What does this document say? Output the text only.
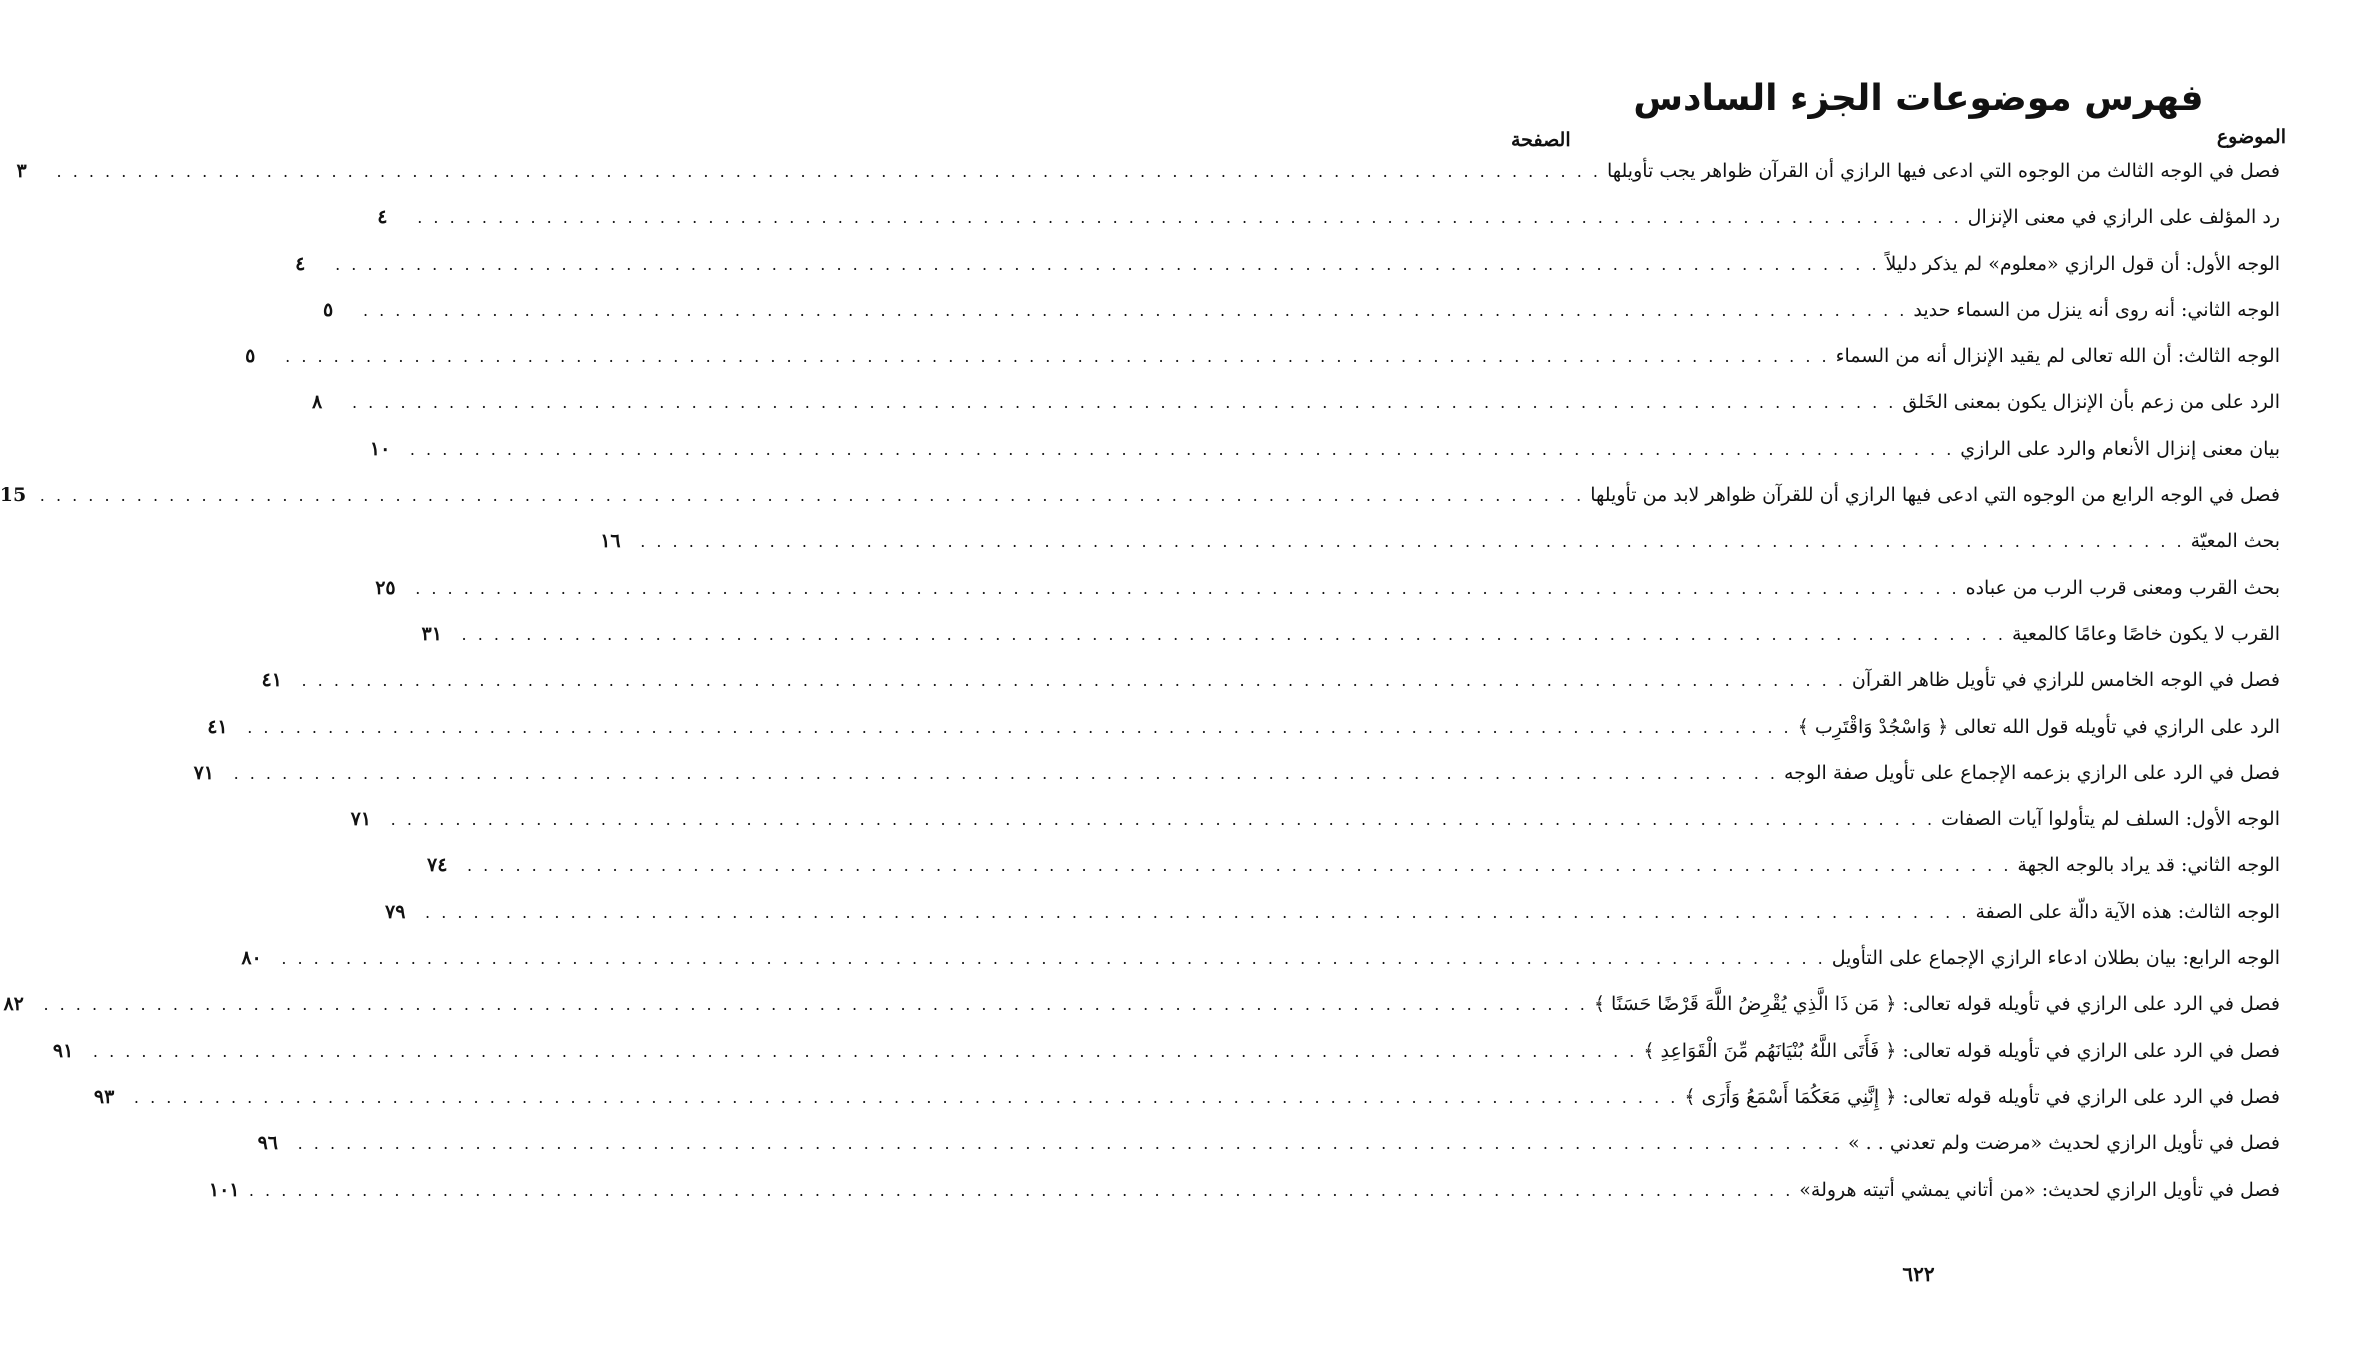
فهرس موضوعات الجزء السادس
الموضوع
الصفحة
فصل في الوجه الثالث من الوجوه التي ادعى فيها الرازي أن القرآن ظواهر يجب تأويلها
. . .
٣
رد المؤلف على الرازي في معنى الإنزال
. . .
٤
الوجه الأول: أن قول الرازي «معلوم» لم يذكر دليلاً
. . .
٤
الوجه الثاني: أنه روى أنه ينزل من السماء حديد
. . .
٥
الوجه الثالث: أن الله تعالى لم يقيد الإنزال أنه من السماء
. . .
٥
الرد على من زعم بأن الإنزال يكون بمعنى الخَلق
. . .
٨
بيان معنى إنزال الأنعام والرد على الرازي
. . .
١٠
فصل في الوجه الرابع من الوجوه التي ادعى فيها الرازي أن للقرآن ظواهر لابد من تأويلها
. . .
15
بحث المعيّة
. . .
١٦
بحث القرب ومعنى قرب الرب من عباده
. . .
٢٥
القرب لا يكون خاصًا وعامًا كالمعية
. . .
٣١
فصل في الوجه الخامس للرازي في تأويل ظاهر القرآن
. . .
٤١
الرد على الرازي في تأويله قول الله تعالى ﴿ وَاسْجُدْ وَاقْتَرِب ﴾
. . .
٤١
فصل في الرد على الرازي بزعمه الإجماع على تأويل صفة الوجه
. . .
٧١
الوجه الأول: السلف لم يتأولوا آيات الصفات
. . .
٧١
الوجه الثاني: قد يراد بالوجه الجهة
. . .
٧٤
الوجه الثالث: هذه الآية دالّة على الصفة
. . .
٧٩
الوجه الرابع: بيان بطلان ادعاء الرازي الإجماع على التأويل
. . .
٨٠
فصل في الرد على الرازي في تأويله قوله تعالى: ﴿ مَن ذَا الَّذِي يُقْرِضُ اللَّهَ قَرْضًا حَسَنًا ﴾
. . .
٨٢
فصل في الرد على الرازي في تأويله قوله تعالى: ﴿ فَأَتَى اللَّهُ بُنْيَانَهُم مِّنَ الْقَوَاعِدِ ﴾
. . .
٩١
فصل في الرد على الرازي في تأويله قوله تعالى: ﴿ إِنَّنِي مَعَكُمَا أَسْمَعُ وَأَرَى ﴾
. . .
٩٣
فصل في تأويل الرازي لحديث «مرضت ولم تعدني . . »
. . .
٩٦
فصل في تأويل الرازي لحديث: «من أتاني يمشي أتيته هرولة»
. . .
١٠١
٦٢٢
